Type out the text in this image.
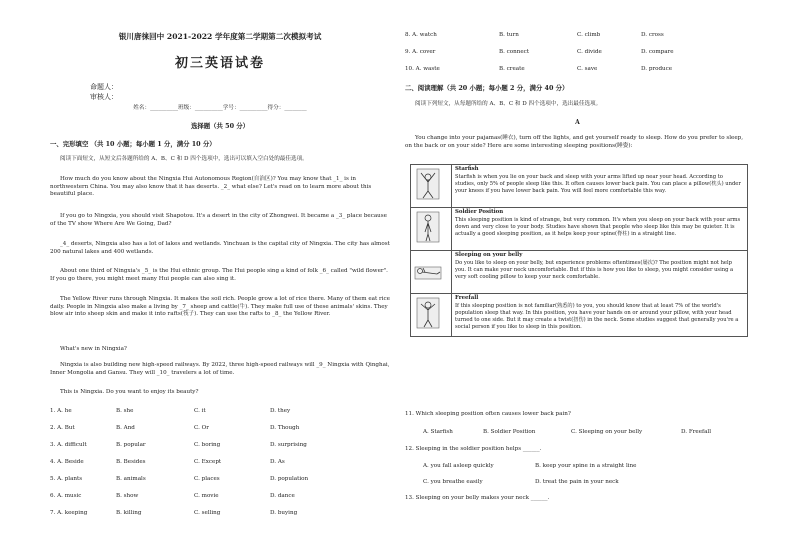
银川唐徕回中 2021-2022 学年度第二学期第二次模拟考试
初三英语试卷
命题人： 审核人：
姓名：__________班级：__________学号：__________得分：________
选择题（共 50 分）
一、完形填空 （共 10 小题；每小题 1 分，满分 10 分）
阅读下面短文，从短文后各题所给的 A、B、C 和 D 四个选项中，选出可以填入空白处的最佳选项。
How much do you know about the Ningxia Hui Autonomous Region(自治区)? You may know that _1_ is in northwestern China. You may also know that it has deserts. _2_ what else? Let's read on to learn more about this beautiful place.
If you go to Ningxia, you should visit Shapotou. It's a desert in the city of Zhongwei. It became a _3_ place because of the TV show Where Are We Going, Dad?
_4_ deserts, Ningxia also has a lot of lakes and wetlands. Yinchuan is the capital city of Ningxia. The city has almost 200 natural lakes and 400 wetlands.
About one third of Ningxia's _5_ is the Hui ethnic group. The Hui people sing a kind of folk _6_ called "wild flower". If you go there, you might meet many Hui people can also sing it.
The Yellow River runs through Ningxia. It makes the soil rich. People grow a lot of rice there. Many of them eat rice daily. People in Ningxia also make a living by _7_ sheep and cattle(牛). They make full use of these animals' skins. They blow air into sheep skin and make it into rafts(筏子). They can use the rafts to _8_ the Yellow River.
What's new in Ningxia?
Ningxia is also building new high-speed railways. By 2022, three high-speed railways will _9_ Ningxia with Qinghai, Inner Mongolia and Gansu. They will _10_ travelers a lot of time.
This is Ningxia. Do you want to enjoy its beauty?
1. A. he	B. she	C. it	D. they
2. A. But	B. And	C. Or	D. Though
3. A. difficult	B. popular	C. boring	D. surprising
4. A. Beside	B. Besides	C. Except	D. As
5. A. plants	B. animals	C. places	D. population
6. A. music	B. show	C. movie	D. dance
7. A. keeping	B. killing	C. selling	D. buying
8. A. watch	B. turn	C. climb	D. cross
9. A. cover	B. connect	C. divide	D. compare
10. A. waste	B. create	C. save	D. produce
二、阅读理解（共 20 小题；每小题 2 分，满分 40 分）
阅读下列短文，从每题所给的 A、B、C 和 D 四个选项中，选出最佳选项。
A
You change into your pajamas(睡衣), turn off the lights, and get yourself ready to sleep. How do you prefer to sleep, on the back or on your side? Here are some interesting sleeping positions(睡姿):

Starfish
Starfish is when you lie on your back and sleep with your arms lifted up near your head. According to studies, only 5% of people sleep like this. It often causes lower back pain. You can place a pillow(枕头) under your knees if you have lower back pain. You will feel more comfortable this way.

Soldier Position
This sleeping position is kind of strange, but very common. It's when you sleep on your back with your arms down and very close to your body. Studies have shown that people who sleep like this may be quieter. It is actually a good sleeping position, as it helps keep your spine(脊柱) in a straight line.

Sleeping on your belly
Do you like to sleep on your belly, but experience problems oftentimes(屡次)? The position might not help you. It can make your neck uncomfortable. But if this is how you like to sleep, you might consider using a very soft cooling pillow to keep your neck comfortable.

Freefall
If this sleeping position is not familiar(熟悉的) to you, you should know that at least 7% of the world's population sleep that way. In this position, you have your hands on or around your pillow, with your head turned to one side. But it may create a twist(扭伤) in the neck. Some studies suggest that generally you're a social person if you like to sleep in this position.
11. Which sleeping position often causes lower back pain?
A. Starfish	B. Soldier Position	C. Sleeping on your belly	D. Freefall
12. Sleeping in the soldier position helps ______.
A. you fall asleep quickly	B. keep your spine in a straight line
C. you breathe easily	D. treat the pain in your neck
13. Sleeping on your belly makes your neck ______.
